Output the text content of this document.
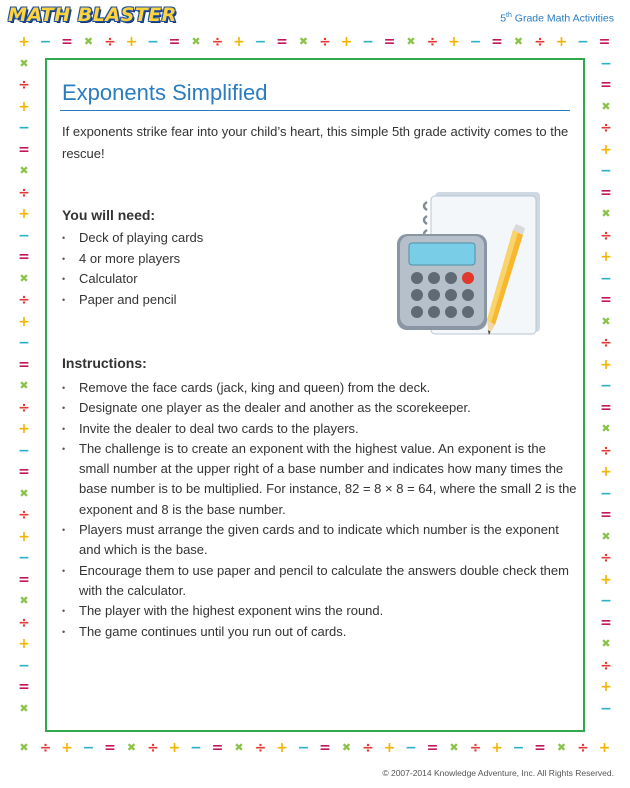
MATH BLASTER	5th Grade Math Activities
+
✖
−
÷
=
+
✖
−
÷
=
+
✖
−
÷
=
+
✖
−
÷
=
+
✖
−
÷
=
+
✖
−
÷
=
+
✖
−
÷
=
+
✖
−
÷
=
+
✖
−
÷
=
+
✖
−
÷
=
+
✖
−
÷
=
+
✖	−
÷	=
+	✖
−	÷
=	+
✖	−
÷	=
+	✖
−	÷
=	+
✖	−
÷	=
+	✖
−	÷
=	+
✖	−
÷	=
+	✖
−	÷
=	+
✖	−
÷	=
+	✖
−	÷
=	+
✖	−
÷	=
+	✖
−	÷
=	+
✖	−
Exponents Simplified

If exponents strike fear into your child’s heart, this simple 5th grade activity comes to the rescue!

You will need:
• Deck of playing cards
• 4 or more players
• Calculator
• Paper and pencil
Instructions:
• Remove the face cards (jack, king and queen) from the deck.
• Designate one player as the dealer and another as the scorekeeper.
• Invite the dealer to deal two cards to the players.
• The challenge is to create an exponent with the highest value. An exponent is the small number at the upper right of a base number and indicates how many times the base number is to be multiplied. For instance, 82 = 8 × 8 = 64, where the small 2 is the exponent and 8 is the base number.
• Players must arrange the given cards and to indicate which number is the exponent and which is the base.
• Encourage them to use paper and pencil to calculate the answers double check them with the calculator.
• The player with the highest exponent wins the round.
• The game continues until you run out of cards.
© 2007-2014 Knowledge Adventure, Inc. All Rights Reserved.
